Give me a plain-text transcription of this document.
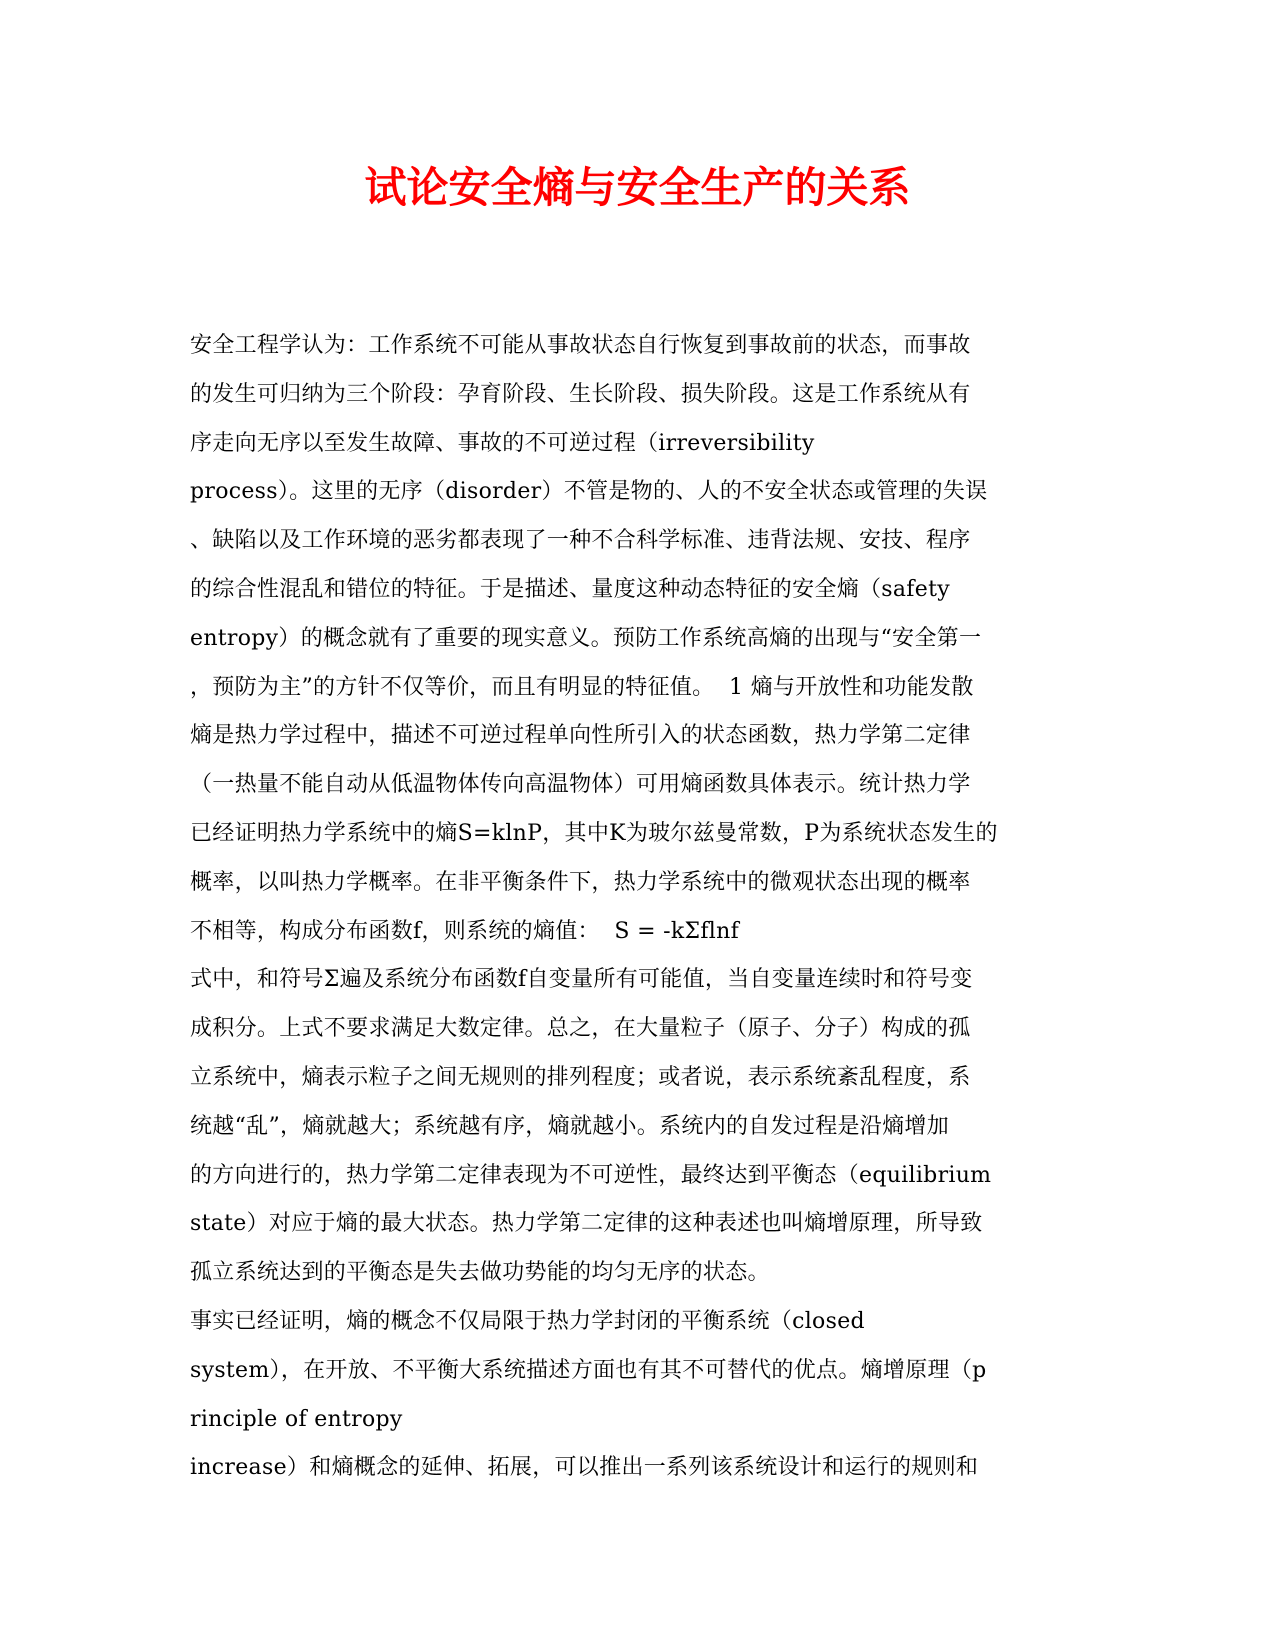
试论安全熵与安全生产的关系
安全工程学认为：工作系统不可能从事故状态自行恢复到事故前的状态，而事故
的发生可归纳为三个阶段：孕育阶段、生长阶段、损失阶段。这是工作系统从有
序走向无序以至发生故障、事故的不可逆过程（irreversibility
process）。这里的无序（disorder）不管是物的、人的不安全状态或管理的失误
、缺陷以及工作环境的恶劣都表现了一种不合科学标准、违背法规、安技、程序
的综合性混乱和错位的特征。于是描述、量度这种动态特征的安全熵（safety
entropy）的概念就有了重要的现实意义。预防工作系统高熵的出现与“安全第一
，预防为主”的方针不仅等价，而且有明显的特征值。  1 熵与开放性和功能发散
熵是热力学过程中，描述不可逆过程单向性所引入的状态函数，热力学第二定律
（一热量不能自动从低温物体传向高温物体）可用熵函数具体表示。统计热力学
已经证明热力学系统中的熵S=klnP，其中K为玻尔兹曼常数，P为系统状态发生的
概率，以叫热力学概率。在非平衡条件下，热力学系统中的微观状态出现的概率
不相等，构成分布函数f，则系统的熵值：  S = -kΣflnf
式中，和符号Σ遍及系统分布函数f自变量所有可能值，当自变量连续时和符号变
成积分。上式不要求满足大数定律。总之，在大量粒子（原子、分子）构成的孤
立系统中，熵表示粒子之间无规则的排列程度；或者说，表示系统紊乱程度，系
统越“乱”，熵就越大；系统越有序，熵就越小。系统内的自发过程是沿熵增加
的方向进行的，热力学第二定律表现为不可逆性，最终达到平衡态（equilibrium
state）对应于熵的最大状态。热力学第二定律的这种表述也叫熵增原理，所导致
孤立系统达到的平衡态是失去做功势能的均匀无序的状态。
事实已经证明，熵的概念不仅局限于热力学封闭的平衡系统（closed
system），在开放、不平衡大系统描述方面也有其不可替代的优点。熵增原理（p
rinciple of entropy
increase）和熵概念的延伸、拓展，可以推出一系列该系统设计和运行的规则和
